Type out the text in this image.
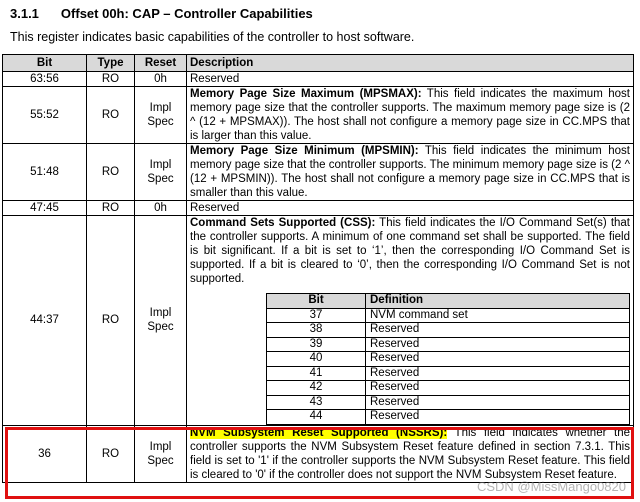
3.1.1 Offset 00h: CAP – Controller Capabilities
This register indicates basic capabilities of the controller to host software.
Bit	Type	Reset	Description
63:56	RO	0h	Reserved
55:52	RO	Impl Spec	Memory Page Size Maximum (MPSMAX): This field indicates the maximum host memory page size that the controller supports. The maximum memory page size is (2 ^ (12 + MPSMAX)). The host shall not configure a memory page size in CC.MPS that is larger than this value.
51:48	RO	Impl Spec	Memory Page Size Minimum (MPSMIN): This field indicates the minimum host memory page size that the controller supports. The minimum memory page size is (2 ^ (12 + MPSMIN)). The host shall not configure a memory page size in CC.MPS that is smaller than this value.
47:45	RO	0h	Reserved
44:37	RO	Impl Spec	Command Sets Supported (CSS): This field indicates the I/O Command Set(s) that the controller supports. A minimum of one command set shall be supported. The field is bit significant. If a bit is set to ‘1’, then the corresponding I/O Command Set is supported. If a bit is cleared to ‘0’, then the corresponding I/O Command Set is not supported.
Bit	Definition
37	NVM command set
38	Reserved
39	Reserved
40	Reserved
41	Reserved
42	Reserved
43	Reserved
44	Reserved

36	RO	Impl Spec	NVM Subsystem Reset Supported (NSSRS): This field indicates whether the controller supports the NVM Subsystem Reset feature defined in section 7.3.1. This field is set to '1' if the controller supports the NVM Subsystem Reset feature. This field is cleared to '0' if the controller does not support the NVM Subsystem Reset feature.
CSDN @MissMango0820
